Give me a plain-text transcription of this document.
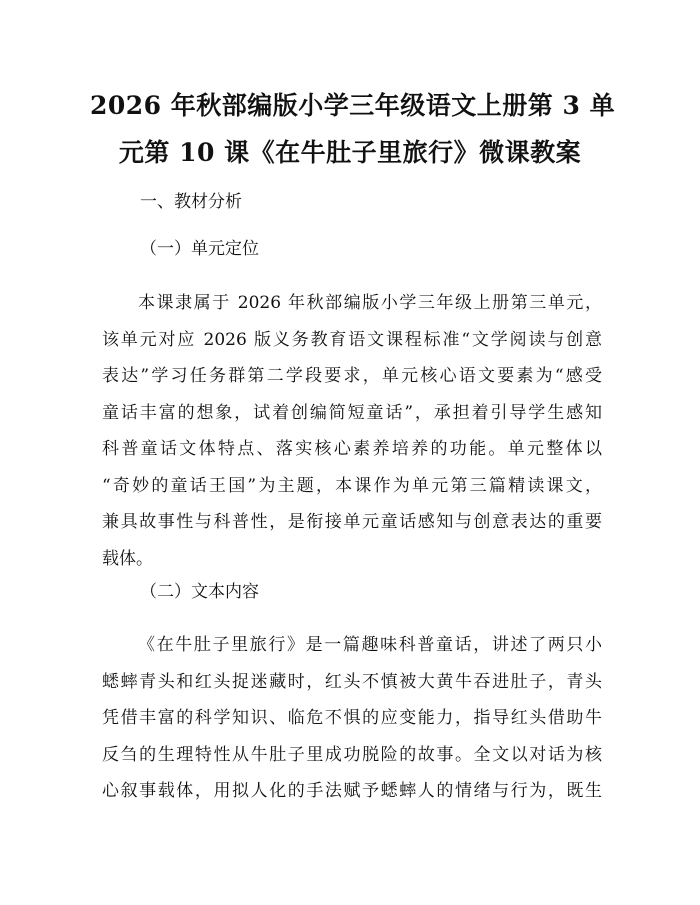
2026 年秋部编版小学三年级语文上册第 3 单
元第 10 课《在牛肚子里旅行》微课教案
一、教材分析
（一）单元定位
本课隶属于 2026 年秋部编版小学三年级上册第三单元，
该单元对应 2026 版义务教育语文课程标准“文学阅读与创意
表达”学习任务群第二学段要求，单元核心语文要素为“感受
童话丰富的想象，试着创编简短童话”，承担着引导学生感知
科普童话文体特点、落实核心素养培养的功能。单元整体以
“奇妙的童话王国”为主题，本课作为单元第三篇精读课文，
兼具故事性与科普性，是衔接单元童话感知与创意表达的重要
载体。
（二）文本内容
《在牛肚子里旅行》是一篇趣味科普童话，讲述了两只小
蟋蟀青头和红头捉迷藏时，红头不慎被大黄牛吞进肚子，青头
凭借丰富的科学知识、临危不惧的应变能力，指导红头借助牛
反刍的生理特性从牛肚子里成功脱险的故事。全文以对话为核
心叙事载体，用拟人化的手法赋予蟋蟀人的情绪与行为，既生
